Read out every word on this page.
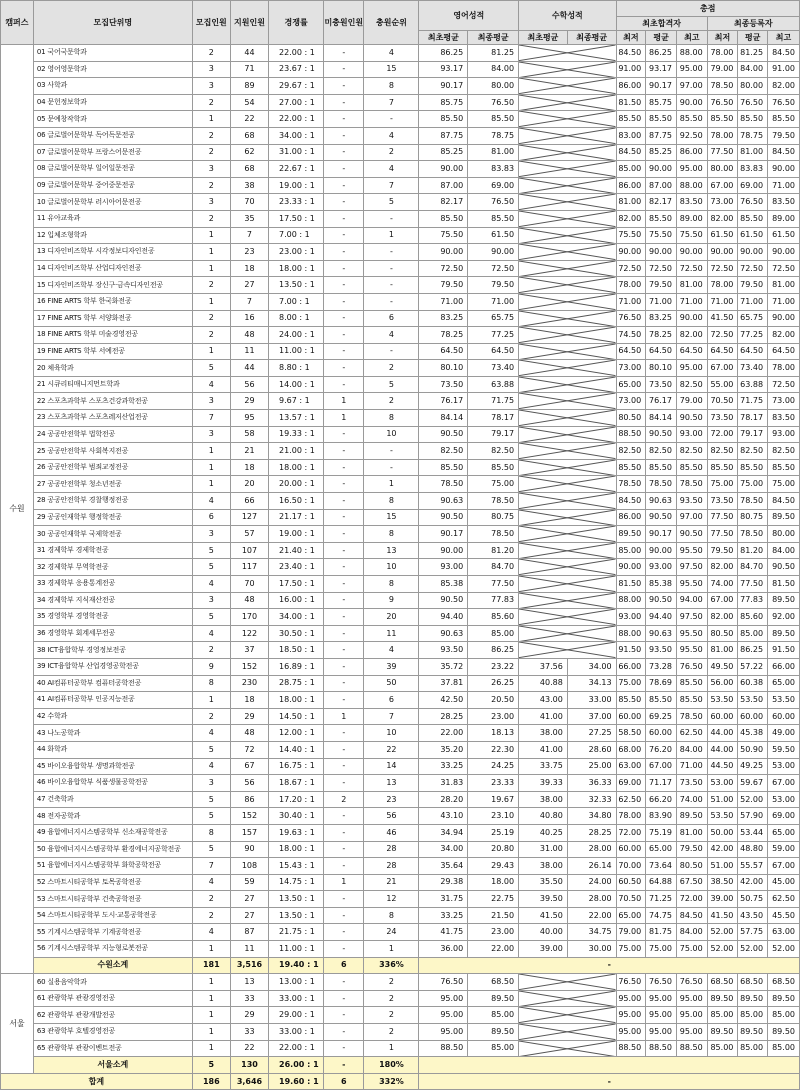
캠퍼스	모집단위명	모집인원	지원인원	경쟁률	미충원인원	충원순위	영어성적		수학성적		총점					
											최초합격자			최종등록자		
							최초평균	최종평균	최초평균	최종평균	최저	평균	최고	최저	평균	최고
수원	01 국어국문학과	2	44	22.00 : 1	-	4	86.25	81.25			84.50	86.25	88.00	78.00	81.25	84.50
	02 영어영문학과	3	71	23.67 : 1	-	15	93.17	84.00			91.00	93.17	95.00	79.00	84.00	91.00
	03 사학과	3	89	29.67 : 1	-	8	90.17	80.00			86.00	90.17	97.00	78.50	80.00	82.00
	04 문헌정보학과	2	54	27.00 : 1	-	7	85.75	76.50			81.50	85.75	90.00	76.50	76.50	76.50
	05 문예창작학과	1	22	22.00 : 1	-	-	85.50	85.50			85.50	85.50	85.50	85.50	85.50	85.50
	06 글로벌어문학부 독어독문전공	2	68	34.00 : 1	-	4	87.75	78.75			83.00	87.75	92.50	78.00	78.75	79.50
	07 글로벌어문학부 프랑스어문전공	2	62	31.00 : 1	-	2	85.25	81.00			84.50	85.25	86.00	77.50	81.00	84.50
	08 글로벌어문학부 일어일문전공	3	68	22.67 : 1	-	4	90.00	83.83			85.00	90.00	95.00	80.00	83.83	90.00
	09 글로벌어문학부 중어중문전공	2	38	19.00 : 1	-	7	87.00	69.00			86.00	87.00	88.00	67.00	69.00	71.00
	10 글로벌어문학부 러시아어문전공	3	70	23.33 : 1	-	5	82.17	76.50			81.00	82.17	83.50	73.00	76.50	83.50
	11 유아교육과	2	35	17.50 : 1	-	-	85.50	85.50			82.00	85.50	89.00	82.00	85.50	89.00
	12 입체조형학과	1	7	7.00 : 1	-	1	75.50	61.50			75.50	75.50	75.50	61.50	61.50	61.50
	13 디자인비즈학부 시각정보디자인전공	1	23	23.00 : 1	-	-	90.00	90.00			90.00	90.00	90.00	90.00	90.00	90.00
	14 디자인비즈학부 산업디자인전공	1	18	18.00 : 1	-	-	72.50	72.50			72.50	72.50	72.50	72.50	72.50	72.50
	15 디자인비즈학부 장신구·금속디자인전공	2	27	13.50 : 1	-	-	79.50	79.50			78.00	79.50	81.00	78.00	79.50	81.00
	16 FINE ARTS 학부 한국화전공	1	7	7.00 : 1	-	-	71.00	71.00			71.00	71.00	71.00	71.00	71.00	71.00
	17 FINE ARTS 학부 서양화전공	2	16	8.00 : 1	-	6	83.25	65.75			76.50	83.25	90.00	41.50	65.75	90.00
	18 FINE ARTS 학부 미술경영전공	2	48	24.00 : 1	-	4	78.25	77.25			74.50	78.25	82.00	72.50	77.25	82.00
	19 FINE ARTS 학부 서예전공	1	11	11.00 : 1	-	-	64.50	64.50			64.50	64.50	64.50	64.50	64.50	64.50
	20 체육학과	5	44	8.80 : 1	-	2	80.10	73.40			73.00	80.10	95.00	67.00	73.40	78.00
	21 시큐리티매니지먼트학과	4	56	14.00 : 1	-	5	73.50	63.88			65.00	73.50	82.50	55.00	63.88	72.50
	22 스포츠과학부 스포츠건강과학전공	3	29	9.67 : 1	1	2	76.17	71.75			73.00	76.17	79.00	70.50	71.75	73.00
	23 스포츠과학부 스포츠레저산업전공	7	95	13.57 : 1	1	8	84.14	78.17			80.50	84.14	90.50	73.50	78.17	83.50
	24 공공안전학부 법학전공	3	58	19.33 : 1	-	10	90.50	79.17			88.50	90.50	93.00	72.00	79.17	93.00
	25 공공안전학부 사회복지전공	1	21	21.00 : 1	-	-	82.50	82.50			82.50	82.50	82.50	82.50	82.50	82.50
	26 공공안전학부 범죄교정전공	1	18	18.00 : 1	-	-	85.50	85.50			85.50	85.50	85.50	85.50	85.50	85.50
	27 공공안전학부 청소년전공	1	20	20.00 : 1	-	1	78.50	75.00			78.50	78.50	78.50	75.00	75.00	75.00
	28 공공안전학부 경찰행정전공	4	66	16.50 : 1	-	8	90.63	78.50			84.50	90.63	93.50	73.50	78.50	84.50
	29 공공인재학부 행정학전공	6	127	21.17 : 1	-	15	90.50	80.75			86.00	90.50	97.00	77.50	80.75	89.50
	30 공공인재학부 국제학전공	3	57	19.00 : 1	-	8	90.17	78.50			89.50	90.17	90.50	77.50	78.50	80.00
	31 경제학부 경제학전공	5	107	21.40 : 1	-	13	90.00	81.20			85.00	90.00	95.50	79.50	81.20	84.00
	32 경제학부 무역학전공	5	117	23.40 : 1	-	10	93.00	84.70			90.00	93.00	97.50	82.00	84.70	90.50
	33 경제학부 응용통계전공	4	70	17.50 : 1	-	8	85.38	77.50			81.50	85.38	95.50	74.00	77.50	81.50
	34 경제학부 지식재산전공	3	48	16.00 : 1	-	9	90.50	77.83			88.00	90.50	94.00	67.00	77.83	89.50
	35 경영학부 경영학전공	5	170	34.00 : 1	-	20	94.40	85.60			93.00	94.40	97.50	82.00	85.60	92.00
	36 경영학부 회계세무전공	4	122	30.50 : 1	-	11	90.63	85.00			88.00	90.63	95.50	80.50	85.00	89.50
	38 ICT융합학부 경영정보전공	2	37	18.50 : 1	-	4	93.50	86.25			91.50	93.50	95.50	81.00	86.25	91.50
	39 ICT융합학부 산업경영공학전공	9	152	16.89 : 1	-	39	35.72	23.22	37.56	34.00	66.00	73.28	76.50	49.50	57.22	66.00
	40 AI컴퓨터공학부 컴퓨터공학전공	8	230	28.75 : 1	-	50	37.81	26.25	40.88	34.13	75.00	78.69	85.50	56.00	60.38	65.00
	41 AI컴퓨터공학부 인공지능전공	1	18	18.00 : 1	-	6	42.50	20.50	43.00	33.00	85.50	85.50	85.50	53.50	53.50	53.50
	42 수학과	2	29	14.50 : 1	1	7	28.25	23.00	41.00	37.00	60.00	69.25	78.50	60.00	60.00	60.00
	43 나노공학과	4	48	12.00 : 1	-	10	22.00	18.13	38.00	27.25	58.50	60.00	62.50	44.00	45.38	49.00
	44 화학과	5	72	14.40 : 1	-	22	35.20	22.30	41.00	28.60	68.00	76.20	84.00	44.00	50.90	59.50
	45 바이오융합학부 생명과학전공	4	67	16.75 : 1	-	14	33.25	24.25	33.75	25.00	63.00	67.00	71.00	44.50	49.25	53.00
	46 바이오융합학부 식품생물공학전공	3	56	18.67 : 1	-	13	31.83	23.33	39.33	36.33	69.00	71.17	73.50	53.00	59.67	67.00
	47 건축학과	5	86	17.20 : 1	2	23	28.20	19.67	38.00	32.33	62.50	66.20	74.00	51.00	52.00	53.00
	48 전자공학과	5	152	30.40 : 1	-	56	43.10	23.10	40.80	34.80	78.00	83.90	89.50	53.50	57.90	69.00
	49 융합에너지시스템공학부 신소재공학전공	8	157	19.63 : 1	-	46	34.94	25.19	40.25	28.25	72.00	75.19	81.00	50.00	53.44	65.00
	50 융합에너지시스템공학부 환경에너지공학전공	5	90	18.00 : 1	-	28	34.00	20.80	31.00	28.00	60.00	65.00	79.50	42.00	48.80	59.00
	51 융합에너지시스템공학부 화학공학전공	7	108	15.43 : 1	-	28	35.64	29.43	38.00	26.14	70.00	73.64	80.50	51.00	55.57	67.00
	52 스마트시티공학부 토목공학전공	4	59	14.75 : 1	1	21	29.38	18.00	35.50	24.00	60.50	64.88	67.50	38.50	42.00	45.00
	53 스마트시티공학부 건축공학전공	2	27	13.50 : 1	-	12	31.75	22.75	39.50	28.00	70.50	71.25	72.00	39.00	50.75	62.50
	54 스마트시티공학부 도시·교통공학전공	2	27	13.50 : 1	-	8	33.25	21.50	41.50	22.00	65.00	74.75	84.50	41.50	43.50	45.50
	55 기계시스템공학부 기계공학전공	4	87	21.75 : 1	-	24	41.75	23.00	40.00	34.75	79.00	81.75	84.00	52.00	57.75	63.00
	56 기계시스템공학부 지능형로봇전공	1	11	11.00 : 1	-	1	36.00	22.00	39.00	30.00	75.00	75.00	75.00	52.00	52.00	52.00
	수원소계	181	3,516	19.40 : 1	6	336%	-									
서울	60 실용음악학과	1	13	13.00 : 1	-	2	76.50	68.50			76.50	76.50	76.50	68.50	68.50	68.50
	61 관광학부 관광경영전공	1	33	33.00 : 1	-	2	95.00	89.50			95.00	95.00	95.00	89.50	89.50	89.50
	62 관광학부 관광개발전공	1	29	29.00 : 1	-	2	95.00	85.00			95.00	95.00	95.00	85.00	85.00	85.00
	63 관광학부 호텔경영전공	1	33	33.00 : 1	-	2	95.00	89.50			95.00	95.00	95.00	89.50	89.50	89.50
	65 관광학부 관광이벤트전공	1	22	22.00 : 1	-	1	88.50	85.00			88.50	88.50	88.50	85.00	85.00	85.00
	서울소계	5	130	26.00 : 1	-	180%										
합계		186	3,646	19.60 : 1	6	332%	-									
